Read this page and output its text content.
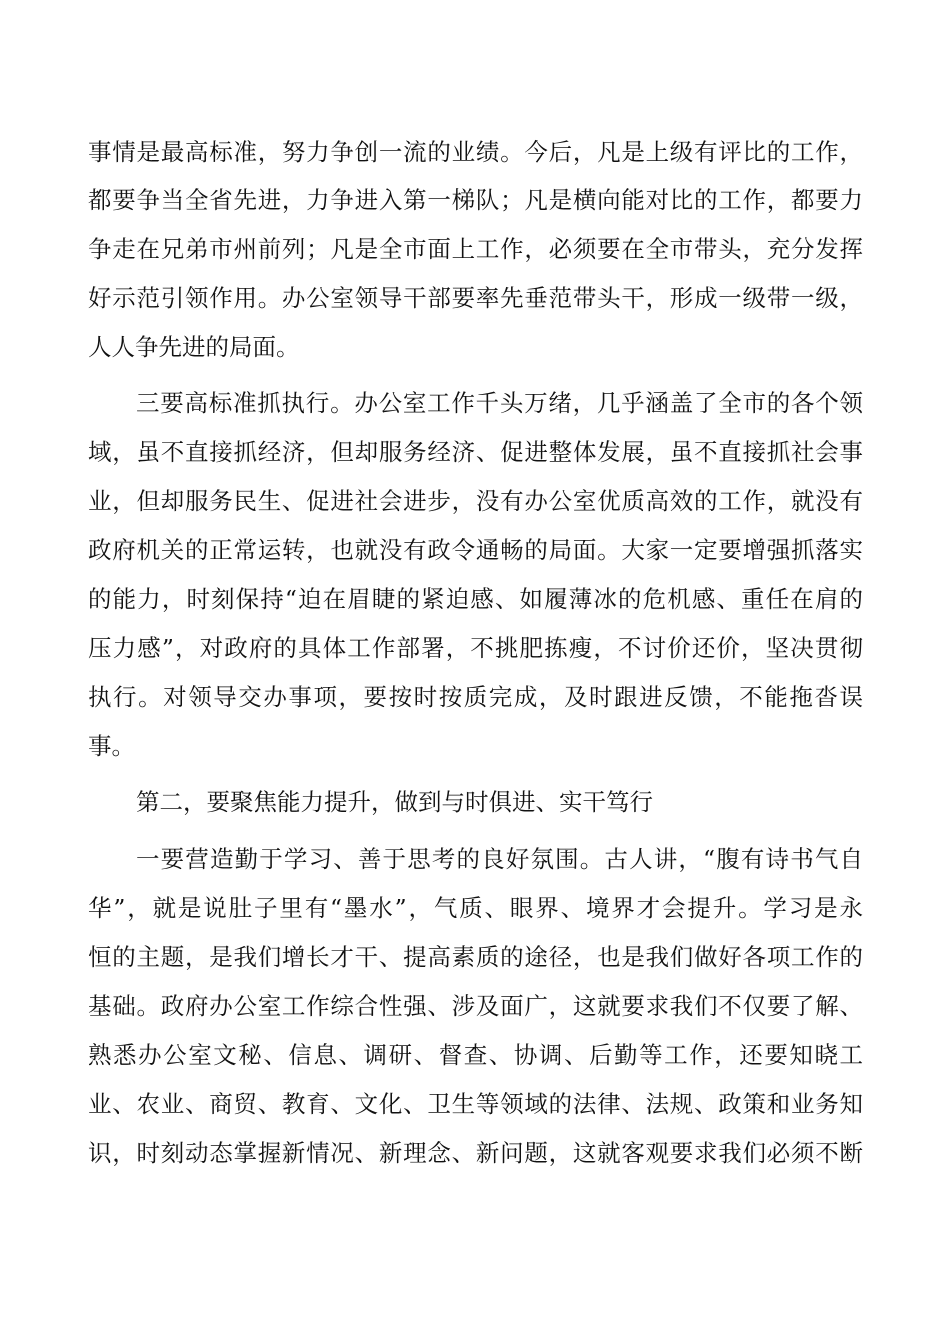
事情是最高标准，努力争创一流的业绩。今后，凡是上级有评比的工作，
都要争当全省先进，力争进入第一梯队；凡是横向能对比的工作，都要力
争走在兄弟市州前列；凡是全市面上工作，必须要在全市带头，充分发挥
好示范引领作用。办公室领导干部要率先垂范带头干，形成一级带一级，
人人争先进的局面。
三要高标准抓执行。办公室工作千头万绪，几乎涵盖了全市的各个领
域，虽不直接抓经济，但却服务经济、促进整体发展，虽不直接抓社会事
业，但却服务民生、促进社会进步，没有办公室优质高效的工作，就没有
政府机关的正常运转，也就没有政令通畅的局面。大家一定要增强抓落实
的能力，时刻保持“迫在眉睫的紧迫感、如履薄冰的危机感、重任在肩的
压力感”，对政府的具体工作部署，不挑肥拣瘦，不讨价还价，坚决贯彻
执行。对领导交办事项，要按时按质完成，及时跟进反馈，不能拖沓误
事。
第二，要聚焦能力提升，做到与时俱进、实干笃行
一要营造勤于学习、善于思考的良好氛围。古人讲，“腹有诗书气自
华”，就是说肚子里有“墨水”，气质、眼界、境界才会提升。学习是永
恒的主题，是我们增长才干、提高素质的途径，也是我们做好各项工作的
基础。政府办公室工作综合性强、涉及面广，这就要求我们不仅要了解、
熟悉办公室文秘、信息、调研、督查、协调、后勤等工作，还要知晓工
业、农业、商贸、教育、文化、卫生等领域的法律、法规、政策和业务知
识，时刻动态掌握新情况、新理念、新问题，这就客观要求我们必须不断
